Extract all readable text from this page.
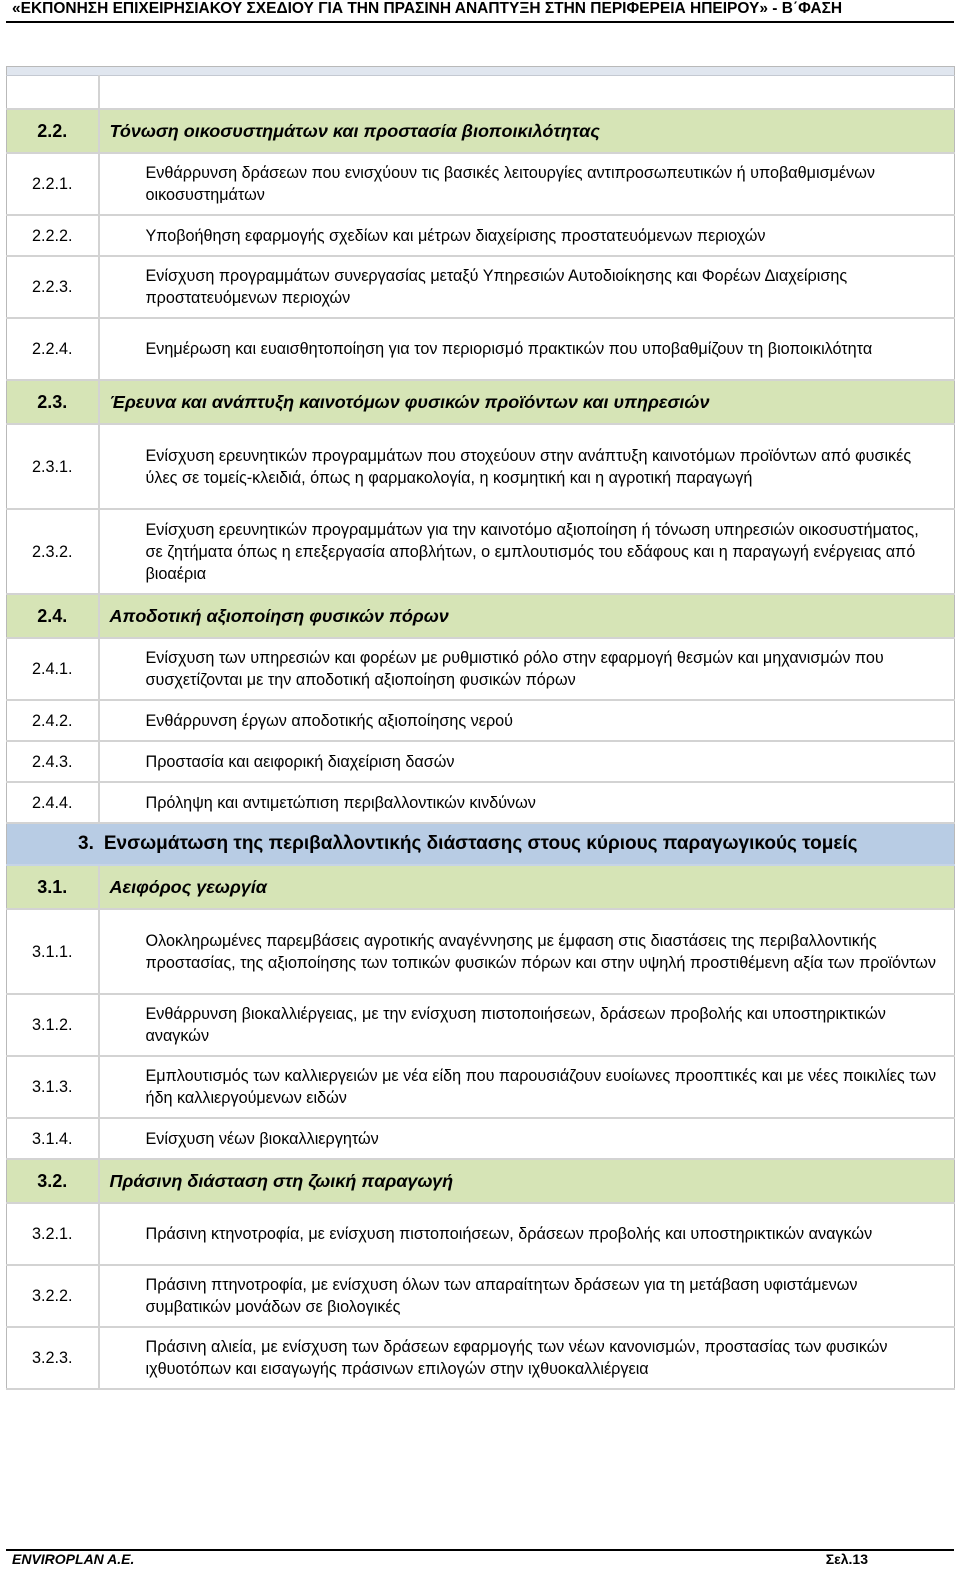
«ΕΚΠΟΝΗΣΗ ΕΠΙΧΕΙΡΗΣΙΑΚΟΥ ΣΧΕΔΙΟΥ ΓΙΑ ΤΗΝ ΠΡΑΣΙΝΗ ΑΝΑΠΤΥΞΗ ΣΤΗΝ ΠΕΡΙΦΕΡΕΙΑ ΗΠΕΙΡΟΥ» - Β΄ΦΑΣΗ

2.2.	Τόνωση οικοσυστημάτων και προστασία βιοποικιλότητας
2.2.1.	Ενθάρρυνση δράσεων που ενισχύουν τις βασικές λειτουργίες αντιπροσωπευτικών ή υποβαθμισμένων οικοσυστημάτων
2.2.2.	Υποβοήθηση εφαρμογής σχεδίων και μέτρων διαχείρισης προστατευόμενων περιοχών
2.2.3.	Ενίσχυση προγραμμάτων συνεργασίας μεταξύ Υπηρεσιών Αυτοδιοίκησης και Φορέων Διαχείρισης προστατευόμενων περιοχών
2.2.4.	Ενημέρωση και ευαισθητοποίηση για τον περιορισμό πρακτικών που υποβαθμίζουν τη βιοποικιλότητα
2.3.	Έρευνα και ανάπτυξη καινοτόμων φυσικών προϊόντων και υπηρεσιών
2.3.1.	Ενίσχυση ερευνητικών προγραμμάτων που στοχεύουν στην ανάπτυξη καινοτόμων προϊόντων από φυσικές ύλες σε τομείς-κλειδιά, όπως η φαρμακολογία, η κοσμητική και η αγροτική παραγωγή
2.3.2.	Ενίσχυση ερευνητικών προγραμμάτων για την καινοτόμο αξιοποίηση ή τόνωση υπηρεσιών οικοσυστήματος, σε ζητήματα όπως η επεξεργασία αποβλήτων, ο εμπλουτισμός του εδάφους και η παραγωγή ενέργειας από βιοαέρια
2.4.	Αποδοτική αξιοποίηση φυσικών πόρων
2.4.1.	Ενίσχυση των υπηρεσιών και φορέων με ρυθμιστικό ρόλο στην εφαρμογή θεσμών και μηχανισμών που συσχετίζονται με την αποδοτική αξιοποίηση φυσικών πόρων
2.4.2.	Ενθάρρυνση έργων αποδοτικής αξιοποίησης νερού
2.4.3.	Προστασία και αειφορική διαχείριση δασών
2.4.4.	Πρόληψη και αντιμετώπιση περιβαλλοντικών κινδύνων
3. Ενσωμάτωση της περιβαλλοντικής διάστασης στους κύριους παραγωγικούς τομείς	
3.1.	Αειφόρος γεωργία
3.1.1.	Ολοκληρωμένες παρεμβάσεις αγροτικής αναγέννησης με έμφαση στις διαστάσεις της περιβαλλοντικής προστασίας, της αξιοποίησης των τοπικών φυσικών πόρων και στην υψηλή προστιθέμενη αξία των προϊόντων
3.1.2.	Ενθάρρυνση βιοκαλλιέργειας, με την ενίσχυση πιστοποιήσεων, δράσεων προβολής και υποστηρικτικών αναγκών
3.1.3.	Εμπλουτισμός των καλλιεργειών με νέα είδη που παρουσιάζουν ευοίωνες προοπτικές και με νέες ποικιλίες των ήδη καλλιεργούμενων ειδών
3.1.4.	Ενίσχυση νέων βιοκαλλιεργητών
3.2.	Πράσινη διάσταση στη ζωική παραγωγή
3.2.1.	Πράσινη κτηνοτροφία, με ενίσχυση πιστοποιήσεων, δράσεων προβολής και υποστηρικτικών αναγκών
3.2.2.	Πράσινη πτηνοτροφία, με ενίσχυση όλων των απαραίτητων δράσεων για τη μετάβαση υφιστάμενων συμβατικών μονάδων σε βιολογικές
3.2.3.	Πράσινη αλιεία, με ενίσχυση των δράσεων εφαρμογής των νέων κανονισμών, προστασίας των φυσικών ιχθυοτόπων και εισαγωγής πράσινων επιλογών στην ιχθυοκαλλιέργεια
ENVIROPLAN A.E.	Σελ.13
